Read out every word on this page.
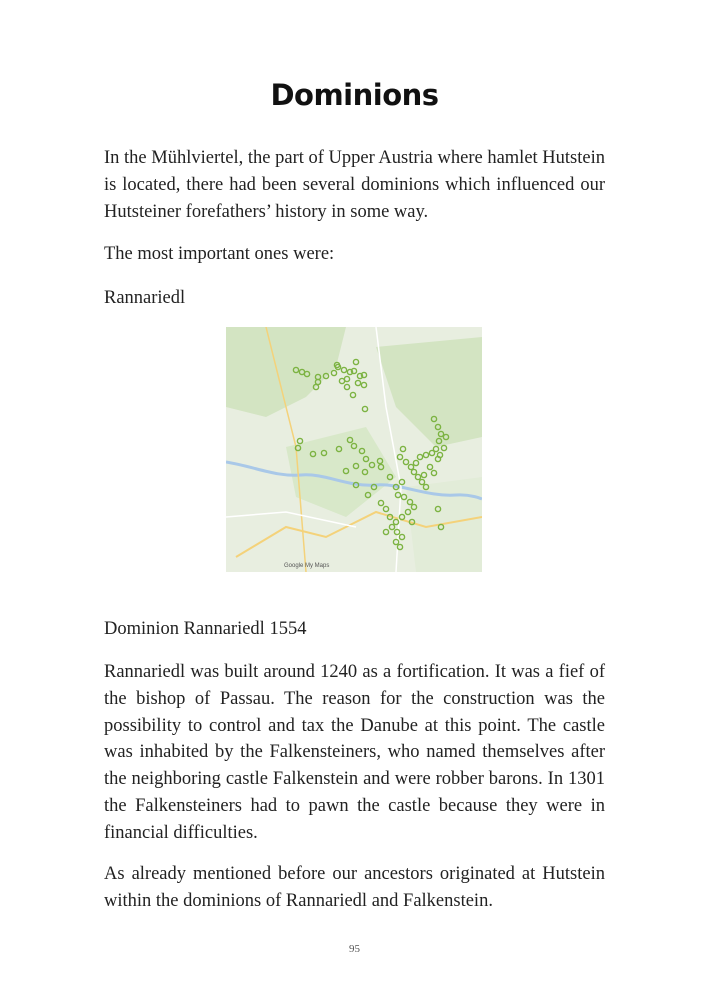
Dominions

In the Mühlviertel, the part of Upper Austria where hamlet Hutstein is located, there had been several dominions which influenced our Hutsteiner forefathers’ history in some way.

The most important ones were:

Rannariedl

Google My Maps

Dominion Rannariedl 1554

Rannariedl was built around 1240 as a fortification. It was a fief of the bishop of Passau. The reason for the construction was the possibility to control and tax the Danube at this point. The castle was inhabited by the Falkensteiners, who named themselves after the neighboring castle Falkenstein and were robber barons. In 1301 the Falkensteiners had to pawn the castle because they were in financial difficulties.

As already mentioned before our ancestors originated at Hutstein within the dominions of Rannariedl and Falkenstein.

95
